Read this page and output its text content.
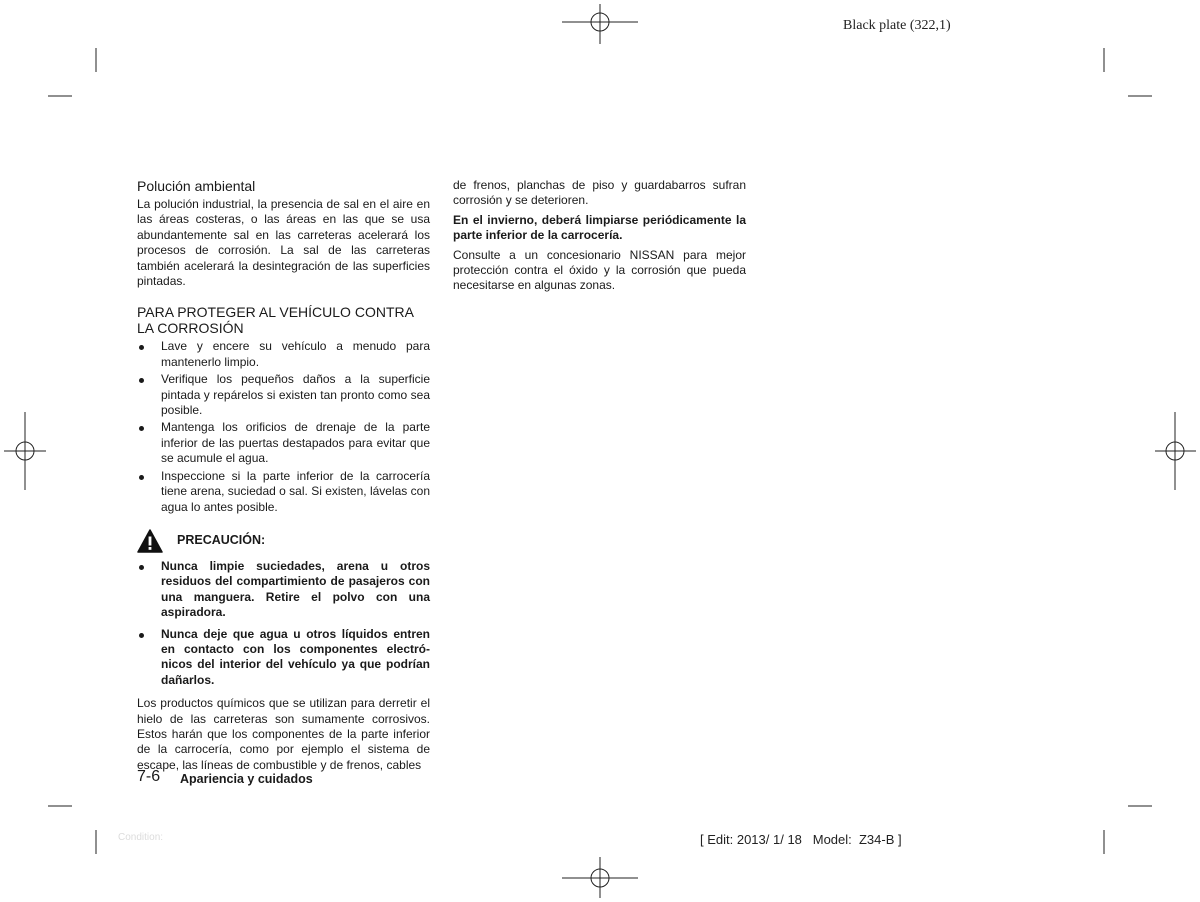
Black plate (322,1)
Polución ambiental

La polución industrial, la presencia de sal en el aire en las áreas costeras, o las áreas en las que se usa abundantemente sal en las carreteras acelerará los procesos de corrosión. La sal de las carreteras también acelerará la desintegración de las superficies pintadas.

PARA PROTEGER AL VEHÍCULO CONTRA LA CORROSIÓN
Lave y encere su vehículo a menudo para mantenerlo limpio.
Verifique los pequeños daños a la superficie pintada y repárelos si existen tan pronto como sea posible.
Mantenga los orificios de drenaje de la parte inferior de las puertas destapados para evitar que se acumule el agua.
Inspeccione si la parte inferior de la carrocería tiene arena, suciedad o sal. Si existen, lávelas con agua lo antes posible.
PRECAUCIÓN:
Nunca limpie suciedades, arena u otros residuos del compartimiento de pasajeros con una manguera. Retire el polvo con una aspiradora.
Nunca deje que agua u otros líquidos entren en contacto con los componentes electró-nicos del interior del vehículo ya que podrían dañarlos.

Los productos químicos que se utilizan para derretir el hielo de las carreteras son sumamente corrosivos. Estos harán que los componentes de la parte inferior de la carrocería, como por ejemplo el sistema de escape, las líneas de combustible y de frenos, cables

de frenos, planchas de piso y guardabarros sufran corrosión y se deterioren.

En el invierno, deberá limpiarse periódicamente la parte inferior de la carrocería.

Consulte a un concesionario NISSAN para mejor protección contra el óxido y la corrosión que pueda necesitarse en algunas zonas.

7-6 Apariencia y cuidados
Condition:	[ Edit: 2013/ 1/ 18   Model:  Z34-B ]
